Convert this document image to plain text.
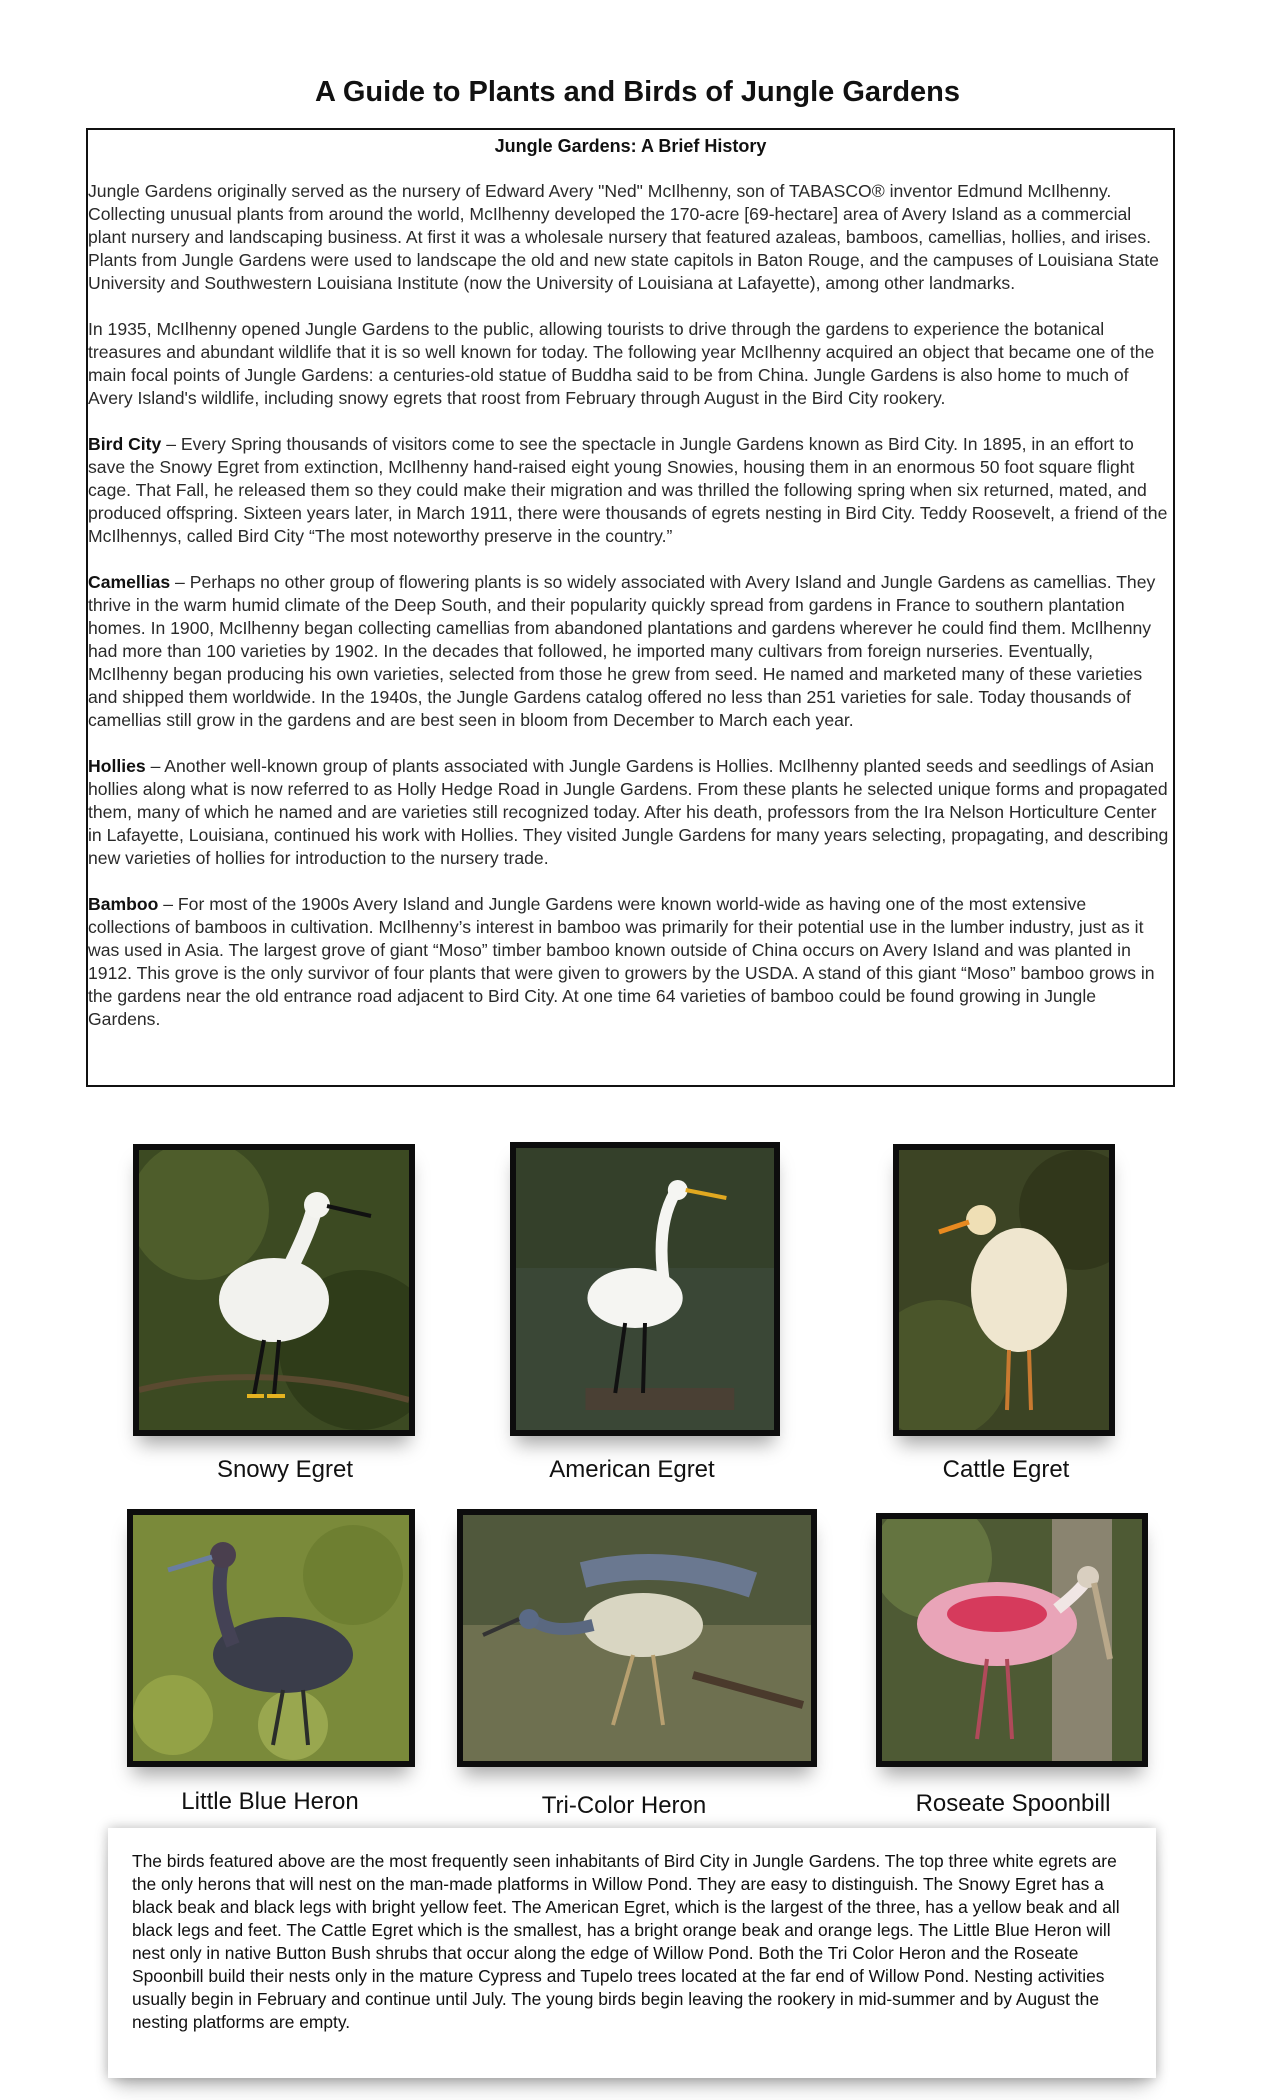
A Guide to Plants and Birds of Jungle Gardens
Jungle Gardens: A Brief History

Jungle Gardens originally served as the nursery of Edward Avery "Ned" McIlhenny, son of TABASCO® inventor Edmund McIlhenny. Collecting unusual plants from around the world, McIlhenny developed the 170-acre [69-hectare] area of Avery Island as a commercial plant nursery and landscaping business. At first it was a wholesale nursery that featured azaleas, bamboos, camellias, hollies, and irises. Plants from Jungle Gardens were used to landscape the old and new state capitols in Baton Rouge, and the campuses of Louisiana State University and Southwestern Louisiana Institute (now the University of Louisiana at Lafayette), among other landmarks.

In 1935, McIlhenny opened Jungle Gardens to the public, allowing tourists to drive through the gardens to experience the botanical treasures and abundant wildlife that it is so well known for today. The following year McIlhenny acquired an object that became one of the main focal points of Jungle Gardens: a centuries-old statue of Buddha said to be from China. Jungle Gardens is also home to much of Avery Island's wildlife, including snowy egrets that roost from February through August in the Bird City rookery.

Bird City – Every Spring thousands of visitors come to see the spectacle in Jungle Gardens known as Bird City. In 1895, in an effort to save the Snowy Egret from extinction, McIlhenny hand-raised eight young Snowies, housing them in an enormous 50 foot square flight cage. That Fall, he released them so they could make their migration and was thrilled the following spring when six returned, mated, and produced offspring. Sixteen years later, in March 1911, there were thousands of egrets nesting in Bird City. Teddy Roosevelt, a friend of the McIlhennys, called Bird City “The most noteworthy preserve in the country.”

Camellias – Perhaps no other group of flowering plants is so widely associated with Avery Island and Jungle Gardens as camellias. They thrive in the warm humid climate of the Deep South, and their popularity quickly spread from gardens in France to southern plantation homes. In 1900, McIlhenny began collecting camellias from abandoned plantations and gardens wherever he could find them. McIlhenny had more than 100 varieties by 1902. In the decades that followed, he imported many cultivars from foreign nurseries. Eventually, McIlhenny began producing his own varieties, selected from those he grew from seed. He named and marketed many of these varieties and shipped them worldwide. In the 1940s, the Jungle Gardens catalog offered no less than 251 varieties for sale. Today thousands of camellias still grow in the gardens and are best seen in bloom from December to March each year.

Hollies – Another well-known group of plants associated with Jungle Gardens is Hollies. McIlhenny planted seeds and seedlings of Asian hollies along what is now referred to as Holly Hedge Road in Jungle Gardens. From these plants he selected unique forms and propagated them, many of which he named and are varieties still recognized today. After his death, professors from the Ira Nelson Horticulture Center in Lafayette, Louisiana, continued his work with Hollies. They visited Jungle Gardens for many years selecting, propagating, and describing new varieties of hollies for introduction to the nursery trade.

Bamboo – For most of the 1900s Avery Island and Jungle Gardens were known world-wide as having one of the most extensive collections of bamboos in cultivation. McIlhenny’s interest in bamboo was primarily for their potential use in the lumber industry, just as it was used in Asia. The largest grove of giant “Moso” timber bamboo known outside of China occurs on Avery Island and was planted in 1912. This grove is the only survivor of four plants that were given to growers by the USDA. A stand of this giant “Moso” bamboo grows in the gardens near the old entrance road adjacent to Bird City. At one time 64 varieties of bamboo could be found growing in Jungle Gardens.

Snowy Egret	American Egret	Cattle Egret
Little Blue Heron	Tri-Color Heron	Roseate Spoonbill

The birds featured above are the most frequently seen inhabitants of Bird City in Jungle Gardens. The top three white egrets are the only herons that will nest on the man-made platforms in Willow Pond. They are easy to distinguish. The Snowy Egret has a black beak and black legs with bright yellow feet. The American Egret, which is the largest of the three, has a yellow beak and all black legs and feet. The Cattle Egret which is the smallest, has a bright orange beak and orange legs. The Little Blue Heron will nest only in native Button Bush shrubs that occur along the edge of Willow Pond. Both the Tri Color Heron and the Roseate Spoonbill build their nests only in the mature Cypress and Tupelo trees located at the far end of Willow Pond. Nesting activities usually begin in February and continue until July. The young birds begin leaving the rookery in mid-summer and by August the nesting platforms are empty.
